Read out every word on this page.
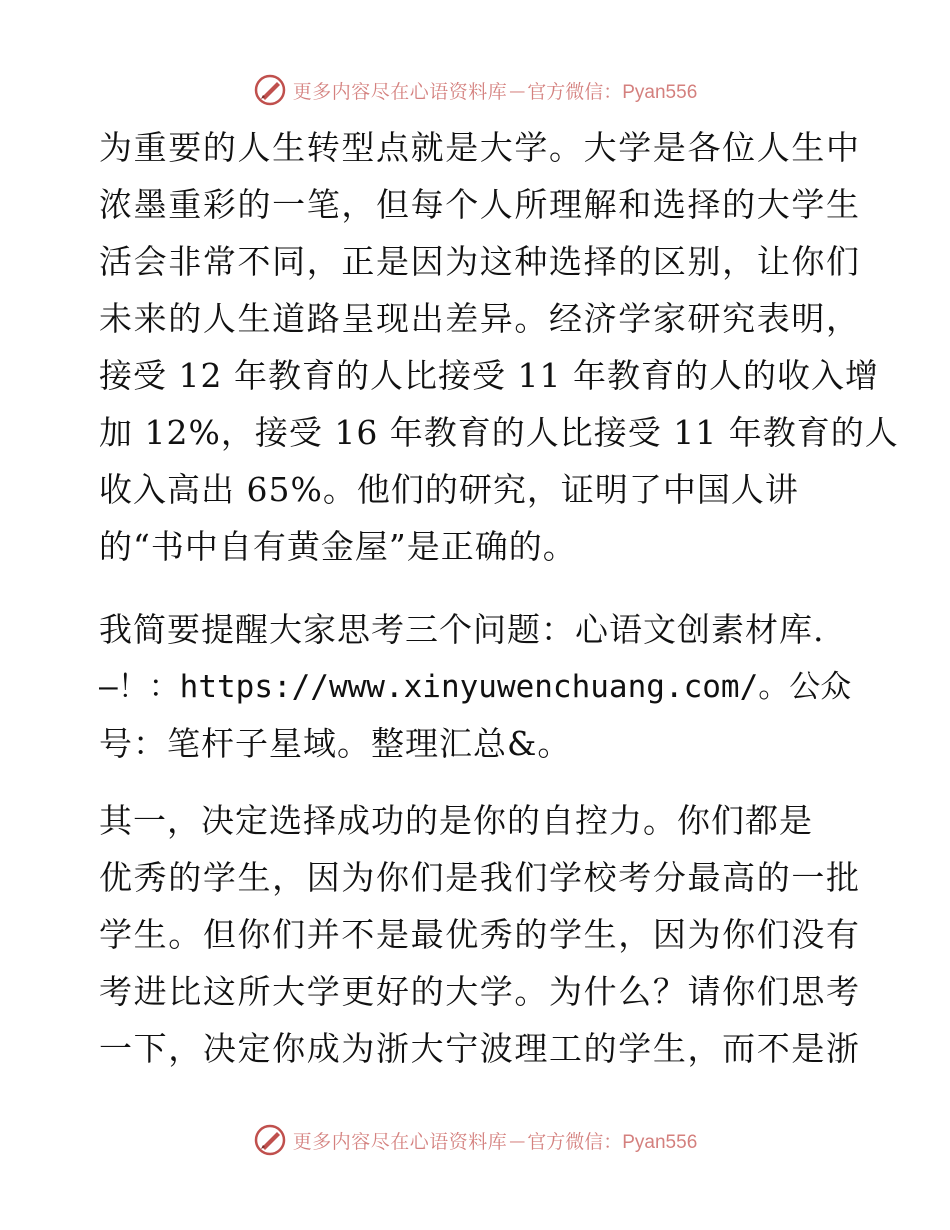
更多内容尽在心语资料库 — 官方微信：Pyan556
为重要的人生转型点就是大学。大学是各位人生中
浓墨重彩的一笔，但每个人所理解和选择的大学生
活会非常不同，正是因为这种选择的区别，让你们
未来的人生道路呈现出差异。经济学家研究表明，
接受 12 年教育的人比接受 11 年教育的人的收入增
加 12%，接受 16 年教育的人比接受 11 年教育的人
收入高出 65%。他们的研究，证明了中国人讲
的“书中自有黄金屋”是正确的。
我简要提醒大家思考三个问题：心语文创素材库.
—！：https://www.xinyuwenchuang.com/。公众
号：笔杆子星域。整理汇总&。
其一，决定选择成功的是你的自控力。你们都是
优秀的学生，因为你们是我们学校考分最高的一批
学生。但你们并不是最优秀的学生，因为你们没有
考进比这所大学更好的大学。为什么？请你们思考
一下，决定你成为浙大宁波理工的学生，而不是浙
更多内容尽在心语资料库 — 官方微信：Pyan556
